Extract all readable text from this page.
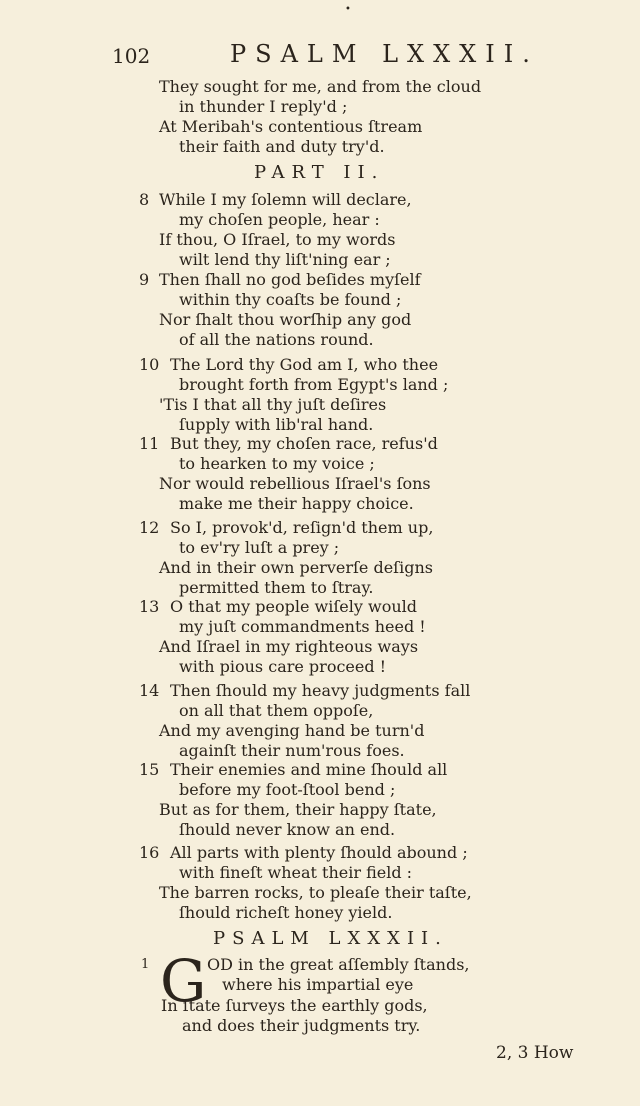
•
102	PSALM LXXXII.
They sought for me, and from the cloud
in thunder I reply'd ;
At Meribah's contentious ſtream
their faith and duty try'd.
PART II.
8 While I my ſolemn will declare,
my choſen people, hear :
If thou, O Iſrael, to my words
wilt lend thy liſt'ning ear ;
9 Then ſhall no god beſides myſelf
within thy coaſts be found ;
Nor ſhalt thou worſhip any god
of all the nations round.
10 The Lord thy God am I, who thee
brought forth from Egypt's land ;
'Tis I that all thy juſt deſires
ſupply with lib'ral hand.
11 But they, my choſen race, refus'd
to hearken to my voice ;
Nor would rebellious Iſrael's ſons
make me their happy choice.
12 So I, provok'd, reſign'd them up,
to ev'ry luſt a prey ;
And in their own perverſe deſigns
permitted them to ſtray.
13 O that my people wiſely would
my juſt commandments heed !
And Iſrael in my righteous ways
with pious care proceed !
14 Then ſhould my heavy judgments fall
on all that them oppoſe,
And my avenging hand be turn'd
againſt their num'rous foes.
15 Their enemies and mine ſhould all
before my foot-ſtool bend ;
But as for them, their happy ſtate,
ſhould never know an end.
16 All parts with plenty ſhould abound ;
with fineſt wheat their field :
The barren rocks, to pleaſe their taſte,
ſhould richeſt honey yield.
PSALM LXXXII.
1 G OD in the great aſſembly ſtands,
where his impartial eye
In ſtate ſurveys the earthly gods,
and does their judgments try.
2, 3 How
